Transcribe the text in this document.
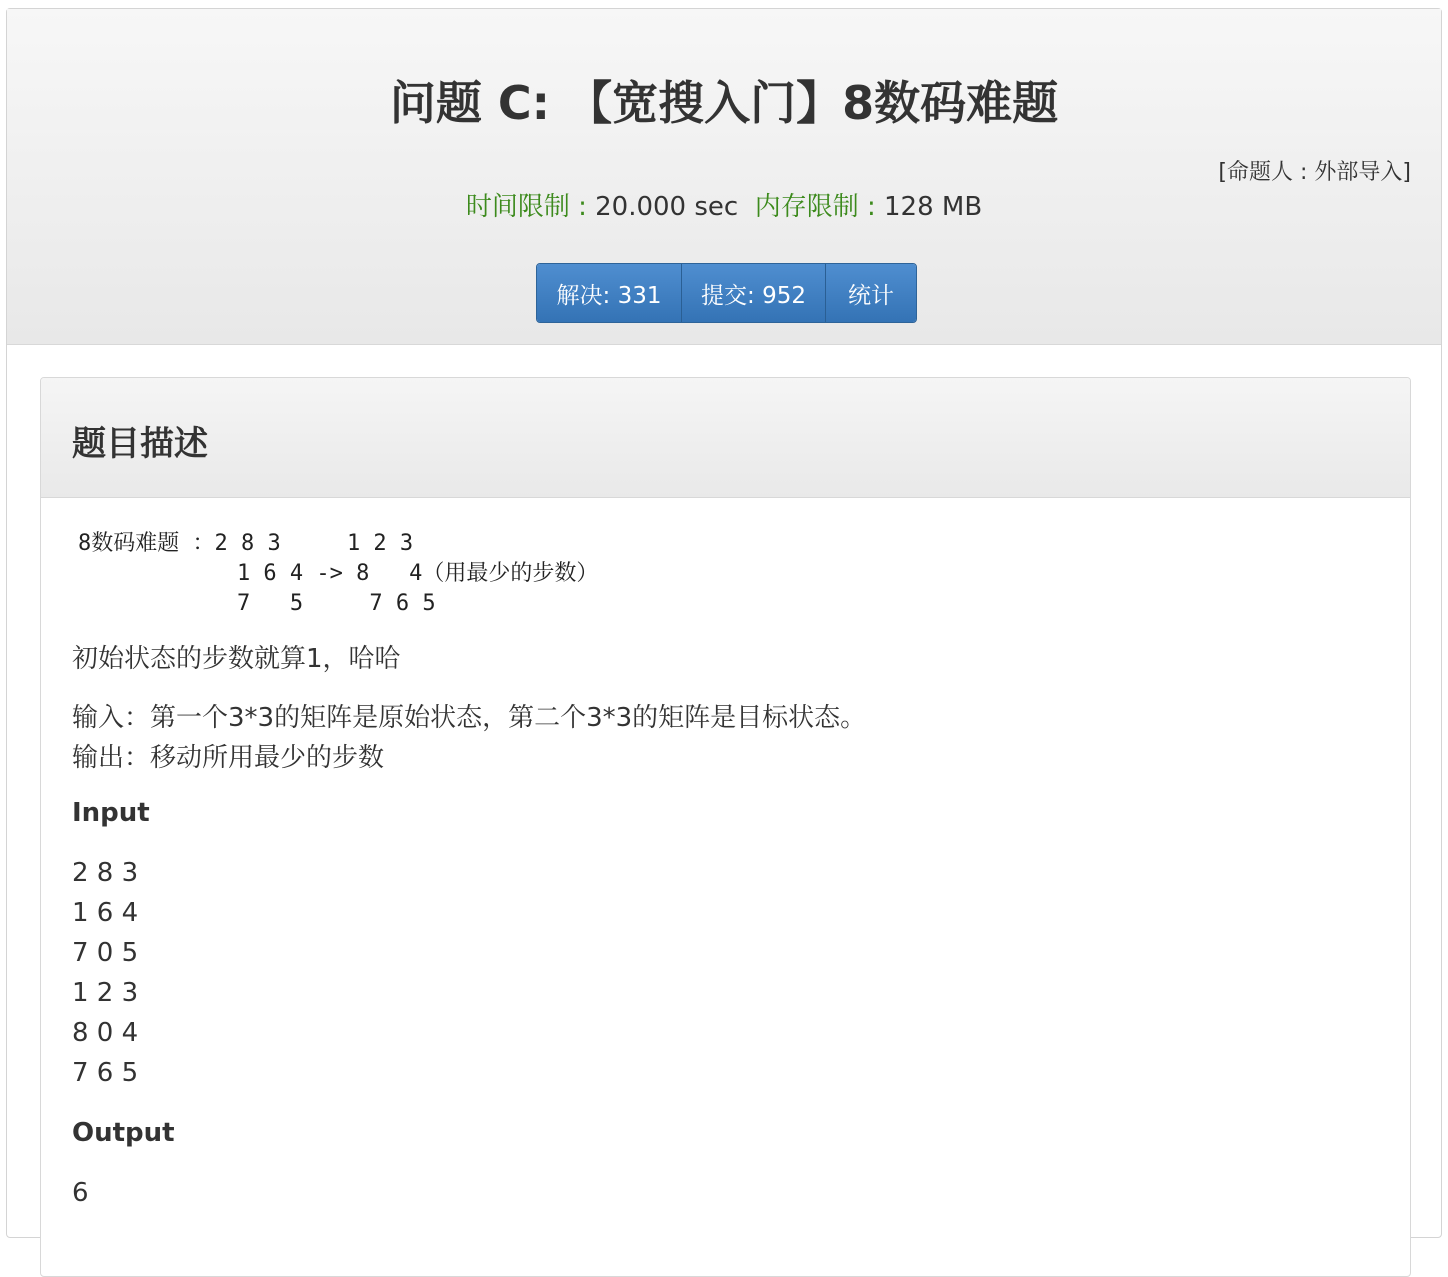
问题 C: 【宽搜入门】8数码难题
[命题人 : 外部导入]
时间限制 : 20.000 sec 内存限制 : 128 MB
解决: 331	提交: 952	统计
题目描述
8数码难题 ：2 8 3     1 2 3
1 6 4 -> 8   4（用最少的步数）
7   5     7 6 5
初始状态的步数就算1，哈哈
输入：第一个3*3的矩阵是原始状态，第二个3*3的矩阵是目标状态。
输出：移动所用最少的步数
Input
2 8 3
1 6 4
7 0 5
1 2 3
8 0 4
7 6 5
Output
6
